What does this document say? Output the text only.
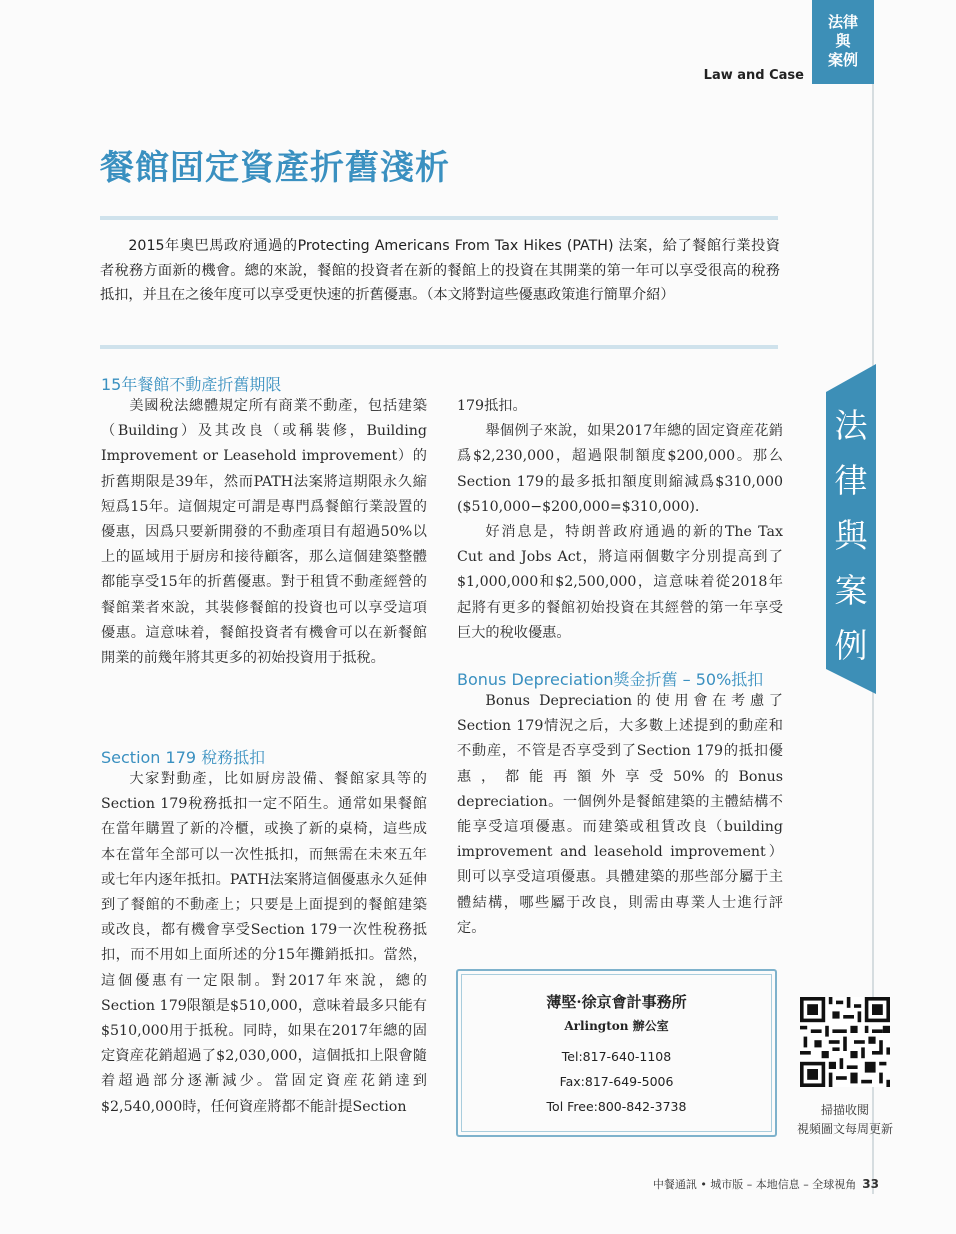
法律
與
案例
Law and Case
法
律
與
案
例
餐館固定資產折舊淺析
2015年奧巴馬政府通過的Protecting Americans From Tax Hikes (PATH) 法案，給了餐館行業投資者稅務方面新的機會。總的來說，餐館的投資者在新的餐館上的投資在其開業的第一年可以享受很高的稅務抵扣，并且在之後年度可以享受更快速的折舊優惠。（本文將對這些優惠政策進行簡單介紹）
15年餐館不動產折舊期限

美國稅法總體規定所有商業不動產，包括建築（Building）及其改良（或稱裝修，Building Improvement or Leasehold improvement）的折舊期限是39年，然而PATH法案將這期限永久縮短爲15年。這個規定可謂是專門爲餐館行業設置的優惠，因爲只要新開發的不動產項目有超過50%以上的區域用于厨房和接待顧客，那么這個建築整體都能享受15年的折舊優惠。對于租賃不動產經營的餐館業者來說，其裝修餐館的投資也可以享受這項優惠。這意味着，餐館投資者有機會可以在新餐館開業的前幾年將其更多的初始投資用于抵稅。

Section 179 稅務抵扣

大家對動產，比如厨房設備、餐館家具等的Section 179稅務抵扣一定不陌生。通常如果餐館在當年購置了新的冷櫃，或換了新的桌椅，這些成本在當年全部可以一次性抵扣，而無需在未來五年或七年内逐年抵扣。PATH法案將這個優惠永久延伸到了餐館的不動產上；只要是上面提到的餐館建築或改良，都有機會享受Section 179一次性稅務抵扣，而不用如上面所述的分15年攤銷抵扣。當然，這個優惠有一定限制。對2017年來說，總的Section 179限額是$510,000，意味着最多只能有$510,000用于抵稅。同時，如果在2017年總的固定資産花銷超過了$2,030,000，這個抵扣上限會隨着超過部分逐漸減少。當固定資産花銷達到$2,540,000時，任何資産將都不能計提Section

179抵扣。

舉個例子來說，如果2017年總的固定資産花銷爲$2,230,000，超過限制額度$200,000。那么Section 179的最多抵扣額度則縮減爲$310,000 ($510,000−$200,000=$310,000).

好消息是，特朗普政府通過的新的The Tax Cut and Jobs Act，將這兩個數字分別提高到了$1,000,000和$2,500,000，這意味着從2018年起將有更多的餐館初始投資在其經營的第一年享受巨大的稅收優惠。

Bonus Depreciation獎金折舊 – 50%抵扣

Bonus Depreciation的使用會在考慮了Section 179情況之后，大多數上述提到的動産和不動産，不管是否享受到了Section 179的抵扣優惠，都能再額外享受50%的Bonus depreciation。一個例外是餐館建築的主體結構不能享受這項優惠。而建築或租賃改良（building improvement and leasehold improvement）則可以享受這項優惠。具體建築的那些部分屬于主體結構，哪些屬于改良，則需由專業人士進行評定。

薄堅·徐京會計事務所
Arlington 辦公室
Tel:817-640-1108
Fax:817-649-5006
Tol Free:800-842-3738	掃描收閱
視頻圖文每周更新
中餐通訊 • 城市版 – 本地信息 – 全球視角 33
